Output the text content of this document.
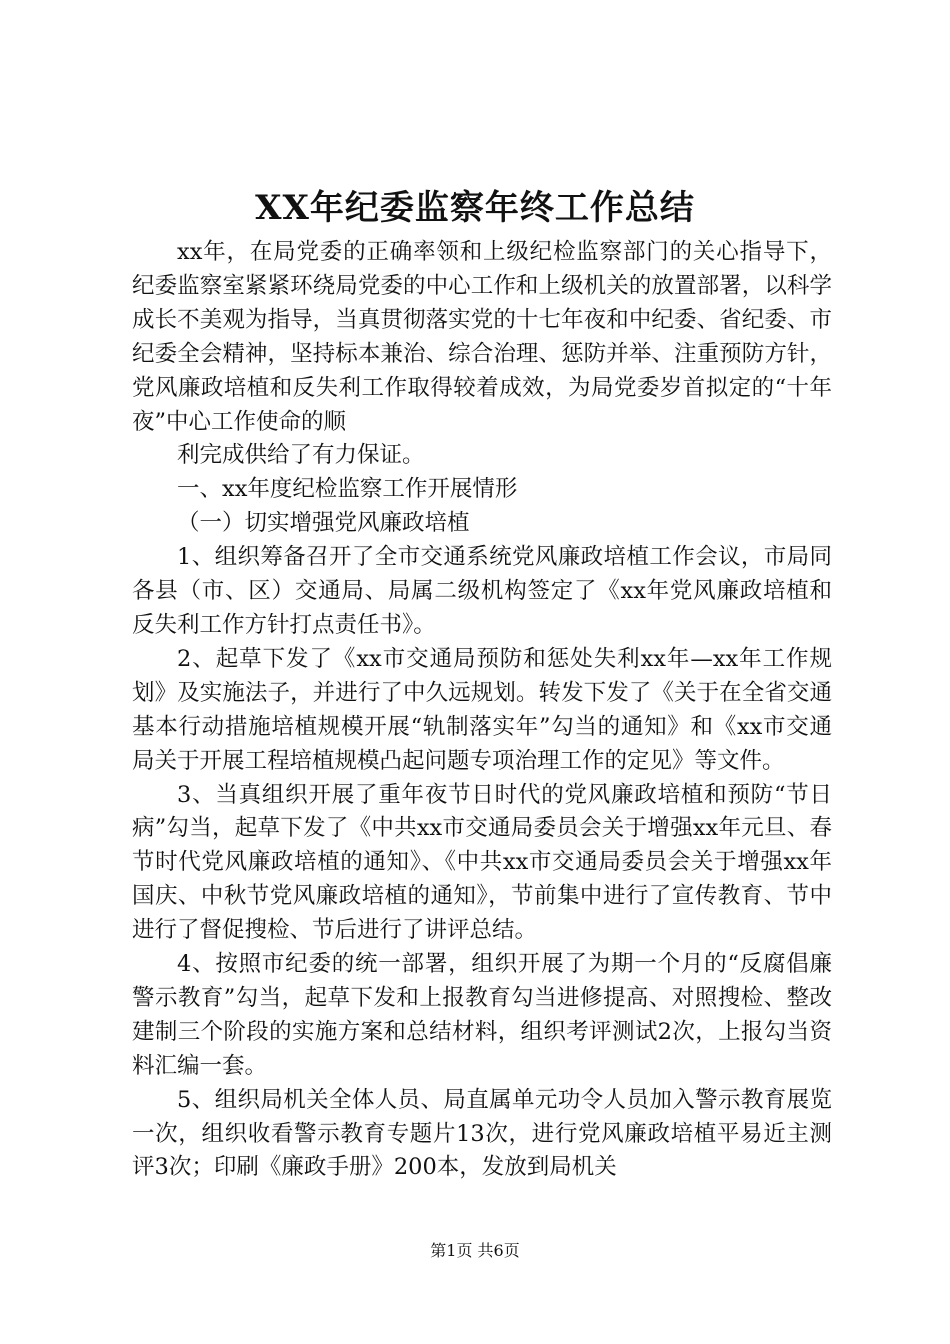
XX年纪委监察年终工作总结

xx年，在局党委的正确率领和上级纪检监察部门的关心指导下，纪委监察室紧紧环绕局党委的中心工作和上级机关的放置部署，以科学成长不美观为指导，当真贯彻落实党的十七年夜和中纪委、省纪委、市纪委全会精神，坚持标本兼治、综合治理、惩防并举、注重预防方针，党风廉政培植和反失利工作取得较着成效，为局党委岁首拟定的“十年夜”中心工作使命的顺

利完成供给了有力保证。

一、xx年度纪检监察工作开展情形

（一）切实增强党风廉政培植

1、组织筹备召开了全市交通系统党风廉政培植工作会议，市局同各县（市、区）交通局、局属二级机构签定了《xx年党风廉政培植和反失利工作方针打点责任书》。

2、起草下发了《xx市交通局预防和惩处失利xx年—xx年工作规划》及实施法子，并进行了中久远规划。转发下发了《关于在全省交通基本行动措施培植规模开展“轨制落实年”勾当的通知》和《xx市交通局关于开展工程培植规模凸起问题专项治理工作的定见》等文件。

3、当真组织开展了重年夜节日时代的党风廉政培植和预防“节日病”勾当，起草下发了《中共xx市交通局委员会关于增强xx年元旦、春节时代党风廉政培植的通知》、《中共xx市交通局委员会关于增强xx年国庆、中秋节党风廉政培植的通知》，节前集中进行了宣传教育、节中进行了督促搜检、节后进行了讲评总结。

4、按照市纪委的统一部署，组织开展了为期一个月的“反腐倡廉警示教育”勾当，起草下发和上报教育勾当进修提高、对照搜检、整改建制三个阶段的实施方案和总结材料，组织考评测试2次，上报勾当资料汇编一套。

5、组织局机关全体人员、局直属单元功令人员加入警示教育展览一次，组织收看警示教育专题片13次，进行党风廉政培植平易近主测评3次；印刷《廉政手册》200本，发放到局机关

第1页 共6页
